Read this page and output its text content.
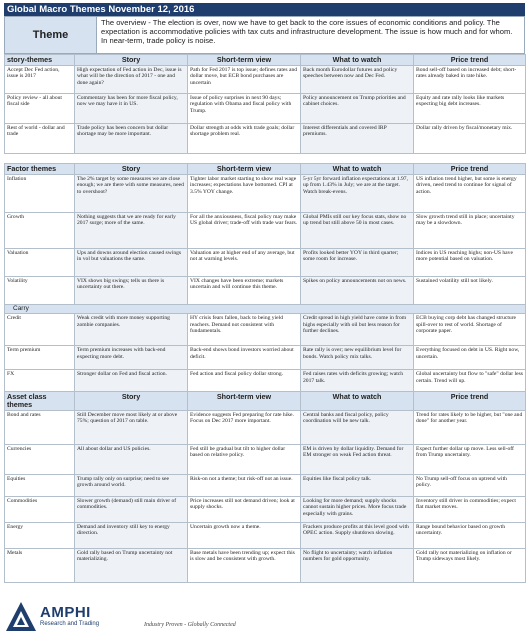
Global Macro Themes November 12, 2016
Theme
The overview - The election is over, now we have to get back to the core issues of economic conditions and policy. The expectation is accommodative policies with tax cuts and infrastructure development. The issue is how much and for whom. In near-term, trade policy is noise.
story-themes	Story	Short-term view	What to watch	Price trend
Accept Dec Fed action, issue is 2017	High expectation of Fed action in Dec, issue is what will be the direction of 2017 - one and done again?	Path for Fed 2017 is top issue; defines rates and dollar move, but ECB bond purchases are uncertain	Back month Eurodollar futures and policy speeches between now and Dec Fed.	Bond sell-off based on increased debt; short-rates already baked in rate hike.
Policy review - all about fiscal side	Commentary has been for more fiscal policy, now we may have it in US.	Issue of policy surprises in next 90 days; regulation with Obama and fiscal policy with Trump.	Policy announcement on Trump priorities and cabinet choices.	Equity and rate rally looks like markets expecting big debt increases.
Rest of world - dollar and trade	Trade policy has been concern but dollar shortage may be more important.	Dollar strength at odds with trade goals; dollar shortage problem real.	Interest differentials and covered IRP premiums.	Dollar rally driven by fiscal/monetary mix.
Factor themes	Story	Short-term view	What to watch	Price trend
Inflation	The 2% target by some measures we are close enough; we are there with some measures, need to overshoot?	Tighter labor market starting to show real wage increases; expectations have bottomed. CPI at 3.5% YOY change.	5-yr 5yr forward inflation expectations at 1.97, up from 1.43% in July; we are at the target. Watch break-evens.	US inflation trend higher, but some is energy driven, need trend to continue for signal of action.
Growth	Nothing suggests that we are ready for early 2017 surge; more of the same.	For all the anxiousness, fiscal policy may make US global driver; trade-off with trade war fears.	Global PMIs still our key focus stats, show no up trend but still above 50 in most cases.	Slow growth trend still in place; uncertainty may be a slowdown.
Valuation	Ups and downs around election caused swings in vol but valuations the same.	Valuation are at higher end of any average, but not at warning levels.	Profits looked better YOY in third quarter; some room for increase.	Indices in US reaching highs; non-US have more potential based on valuation.
Volatility	VIX shows big swings; tells us there is uncertainty out there.	VIX changes have been extreme; markets uncertain and will continue this theme.	Spikes on policy announcements not on news.	Sustained volatility still not likely.
Carry				
Credit	Weak credit with more money supporting zombie companies.	HY crisis fears fallen, back to being yield reachers. Demand not consistent with fundamentals.	Credit spread in high yield have come in from highs especially with oil but less reason for further declines.	ECB buying corp debt has changed structure spill-over to rest of world. Shortage of corporate paper.
Term premium	Term premium increases with back-end expecting more debt.	Back-end shows bond investors worried about deficit.	Rate rally is over; new equilibrium level for bonds. Watch policy mix talks.	Everything focused on debt in US. Right now, uncertain.
FX	Stronger dollar on Fed and fiscal action.	Fed action and fiscal policy dollar strong.	Fed raises rates with deficits growing; watch 2017 talk.	Global uncertainty but flow to "safe" dollar less certain. Trend will up.
Asset class themes	Story	Short-term view	What to watch	Price trend
Bond and rates	Still December move most likely at or above 75%; question of 2017 on table.	Evidence suggests Fed preparing for rate hike. Focus on Dec 2017 more important.	Central banks and fiscal policy, policy coordination will be new talk.	Trend for rates likely to be higher, but "one and done" for another year.
Currencies	All about dollar and US policies.	Fed still be gradual but tilt to higher dollar based on relative policy.	EM is driven by dollar liquidity. Demand for EM stronger on weak Fed action threat.	Expect further dollar up move. Less sell-off from Trump uncertainty.
Equities	Trump rally only on surprise; need to see growth around world.	Risk-on not a theme; but risk-off not an issue.	Equities like fiscal policy talk.	No Trump sell-off focus on uptrend with policy.
Commodities	Slower growth (demand) still main driver of commodities.	Price increases still not demand driven; look at supply shocks.	Looking for more demand; supply shocks cannot sustain higher prices. More focus trade especially with grains.	Inventory still driver in commodities; expect flat market moves.
Energy	Demand and inventory still key to energy direction.	Uncertain growth now a theme.	Frackers produce profits at this level good with OPEC action. Supply shutdown slowing.	Range bound behavior based on growth uncertainty.
Metals	Gold rally based on Trump uncertainty not materializing.	Base metals have been trending up; expect this is slow and be consistent with growth.	No flight to uncertainty; watch inflation numbers for gold opportunity.	Gold rally not materializing on inflation or Trump sideways most likely.
AMPHI
Research and Trading	Industry Proven - Globally Connected
